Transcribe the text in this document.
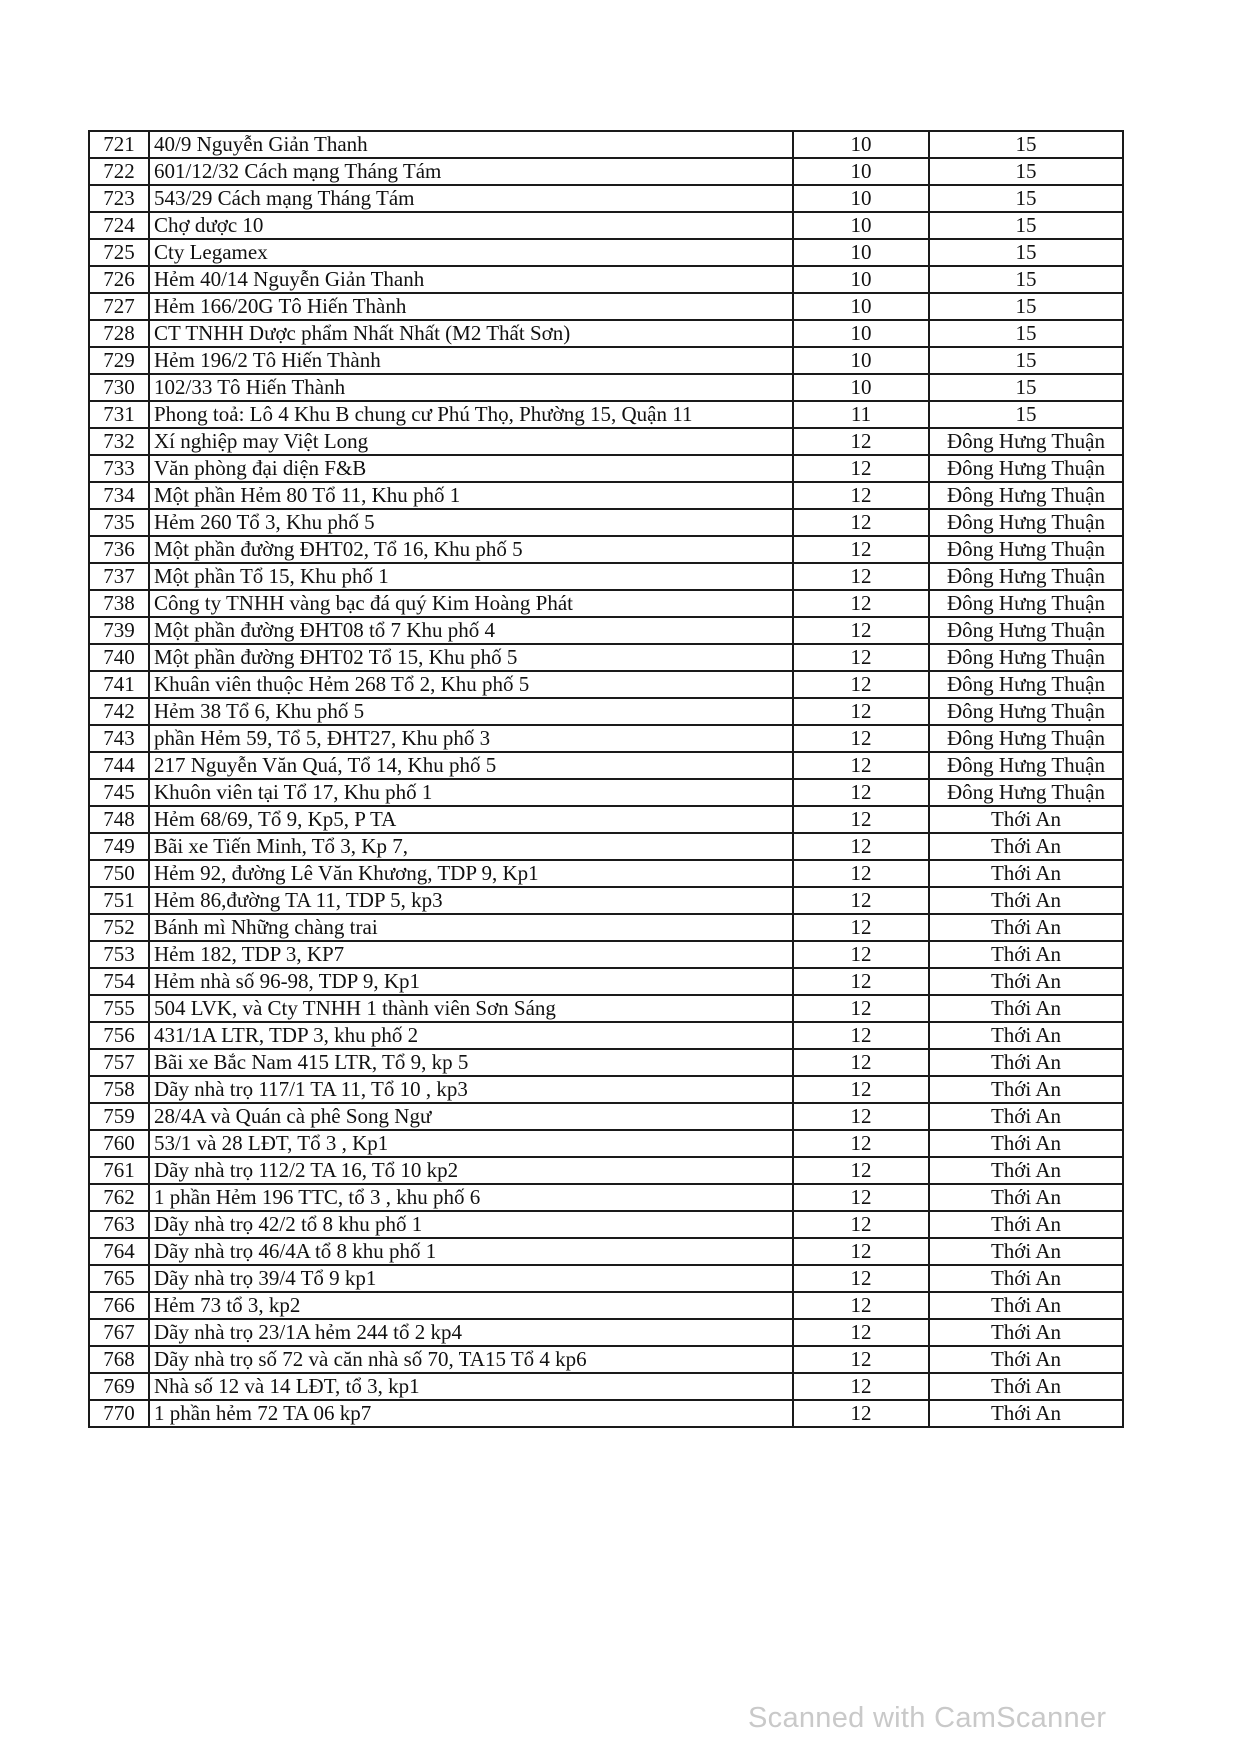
721	40/9 Nguyễn Giản Thanh	10	15
722	601/12/32 Cách mạng Tháng Tám	10	15
723	543/29 Cách mạng Tháng Tám	10	15
724	Chợ dược 10	10	15
725	Cty Legamex	10	15
726	Hẻm 40/14 Nguyễn Giản Thanh	10	15
727	Hẻm 166/20G Tô Hiến Thành	10	15
728	CT TNHH Dược phẩm Nhất Nhất (M2 Thất Sơn)	10	15
729	Hẻm 196/2 Tô Hiến Thành	10	15
730	102/33 Tô Hiến Thành	10	15
731	Phong toả: Lô 4 Khu B chung cư Phú Thọ, Phường 15, Quận 11	11	15
732	Xí nghiệp may Việt Long	12	Đông Hưng Thuận
733	Văn phòng đại diện F&B	12	Đông Hưng Thuận
734	Một phần Hẻm 80 Tổ 11, Khu phố 1	12	Đông Hưng Thuận
735	Hẻm 260 Tổ 3, Khu phố 5	12	Đông Hưng Thuận
736	Một phần đường ĐHT02, Tổ 16, Khu phố 5	12	Đông Hưng Thuận
737	Một phần Tổ 15, Khu phố 1	12	Đông Hưng Thuận
738	Công ty TNHH vàng bạc đá quý Kim Hoàng Phát	12	Đông Hưng Thuận
739	Một phần đường ĐHT08 tổ 7 Khu phố 4	12	Đông Hưng Thuận
740	Một phần đường ĐHT02 Tổ 15, Khu phố 5	12	Đông Hưng Thuận
741	Khuân viên thuộc Hẻm 268 Tổ 2, Khu phố 5	12	Đông Hưng Thuận
742	Hẻm 38 Tổ 6, Khu phố 5	12	Đông Hưng Thuận
743	phần Hẻm 59, Tổ 5, ĐHT27, Khu phố 3	12	Đông Hưng Thuận
744	217 Nguyễn Văn Quá, Tổ 14, Khu phố 5	12	Đông Hưng Thuận
745	Khuôn viên tại Tổ 17, Khu phố 1	12	Đông Hưng Thuận
748	Hẻm 68/69, Tổ 9, Kp5, P TA	12	Thới An
749	Bãi xe Tiến Minh, Tổ 3, Kp 7,	12	Thới An
750	Hẻm 92, đường Lê Văn Khương, TDP 9, Kp1	12	Thới An
751	Hẻm 86,đường TA 11, TDP 5, kp3	12	Thới An
752	Bánh mì Những chàng trai	12	Thới An
753	Hẻm 182, TDP 3, KP7	12	Thới An
754	Hẻm nhà số 96-98, TDP 9, Kp1	12	Thới An
755	504 LVK, và Cty TNHH 1 thành viên Sơn Sáng	12	Thới An
756	431/1A LTR, TDP 3, khu phố 2	12	Thới An
757	Bãi xe Bắc Nam 415 LTR, Tổ 9, kp 5	12	Thới An
758	Dãy nhà trọ 117/1 TA 11, Tổ 10 , kp3	12	Thới An
759	28/4A và Quán cà phê Song Ngư	12	Thới An
760	53/1 và 28 LĐT, Tổ 3 , Kp1	12	Thới An
761	Dãy nhà trọ 112/2 TA 16, Tổ 10 kp2	12	Thới An
762	1 phần Hẻm 196 TTC, tổ 3 , khu phố 6	12	Thới An
763	Dãy nhà trọ 42/2 tổ 8 khu phố 1	12	Thới An
764	Dãy nhà trọ 46/4A tổ 8 khu phố 1	12	Thới An
765	Dãy nhà trọ 39/4 Tổ 9 kp1	12	Thới An
766	Hẻm 73 tổ 3, kp2	12	Thới An
767	Dãy nhà trọ 23/1A hẻm 244 tổ 2 kp4	12	Thới An
768	Dãy nhà trọ số 72 và căn nhà số 70, TA15 Tổ 4 kp6	12	Thới An
769	Nhà số 12 và 14 LĐT, tổ 3, kp1	12	Thới An
770	1 phần hẻm 72 TA 06 kp7	12	Thới An
Scanned with CamScanner
